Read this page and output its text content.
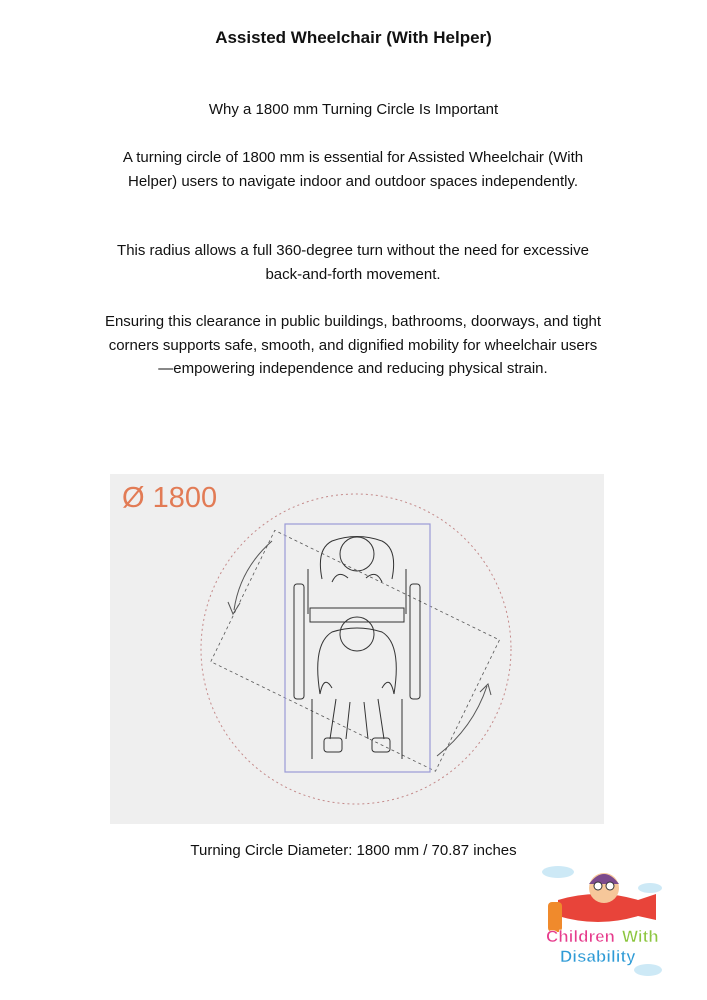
Assisted Wheelchair (With Helper)
Why a 1800 mm Turning Circle Is Important
A turning circle of 1800 mm is essential for Assisted Wheelchair (With Helper) users to navigate indoor and outdoor spaces independently.
This radius allows a full 360-degree turn without the need for excessive back-and-forth movement.
Ensuring this clearance in public buildings, bathrooms, doorways, and tight corners supports safe, smooth, and dignified mobility for wheelchair users—empowering independence and reducing physical strain.
Ø 1800
Turning Circle Diameter: 1800 mm / 70.87 inches
Children With
Disability
